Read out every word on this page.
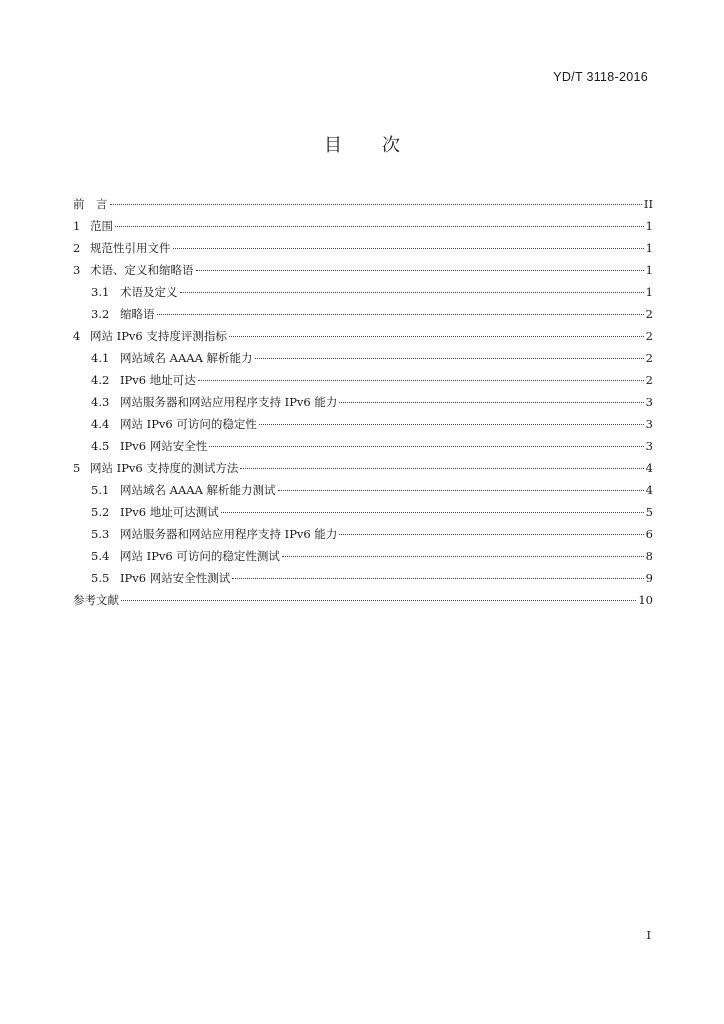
YD/T 3118-2016
目 次
前　言	II
1 范围	1
2 规范性引用文件	1
3 术语、定义和缩略语	1
3.1 术语及定义	1
3.2 缩略语	2
4 网站 IPv6 支持度评测指标	2
4.1 网站域名 AAAA 解析能力	2
4.2 IPv6 地址可达	2
4.3 网站服务器和网站应用程序支持 IPv6 能力	3
4.4 网站 IPv6 可访问的稳定性	3
4.5 IPv6 网站安全性	3
5 网站 IPv6 支持度的测试方法	4
5.1 网站域名 AAAA 解析能力测试	4
5.2 IPv6 地址可达测试	5
5.3 网站服务器和网站应用程序支持 IPv6 能力	6
5.4 网站 IPv6 可访问的稳定性测试	8
5.5 IPv6 网站安全性测试	9
参考文献	10
I
